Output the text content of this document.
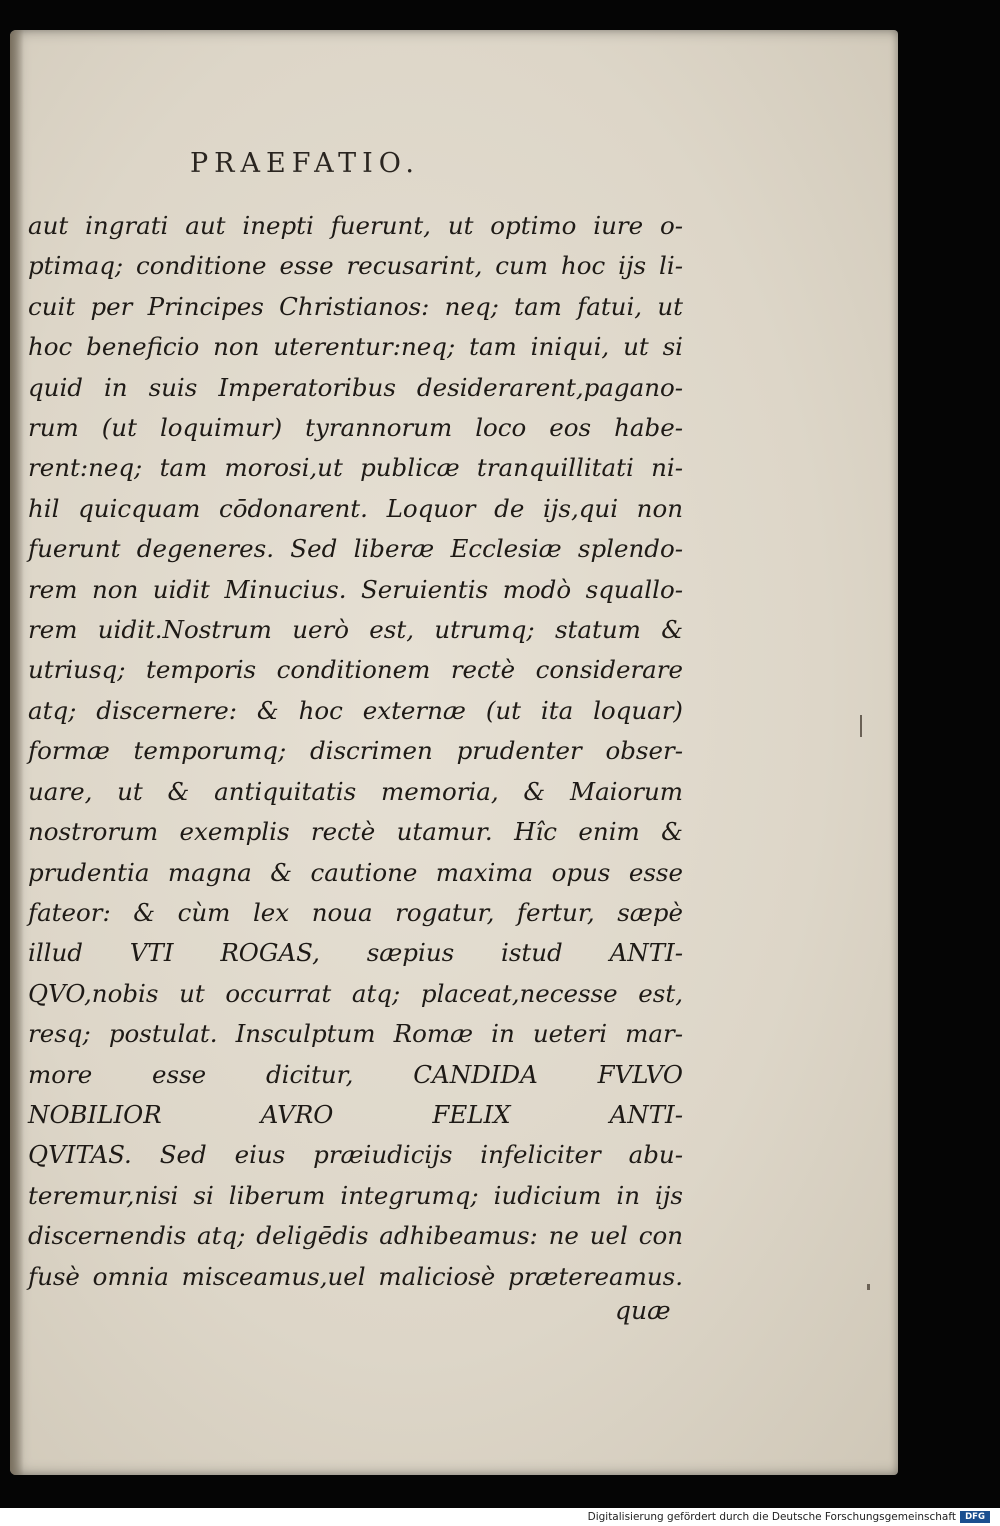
PRAEFATIO.
aut ingrati aut inepti fuerunt, ut optimo iure o-
ptimaq; conditione esse recusarint, cum hoc ijs li-
cuit per Principes Christianos: neq; tam fatui, ut
hoc beneficio non uterentur:neq; tam iniqui, ut si
quid in suis Imperatoribus desiderarent,pagano-
rum (ut loquimur) tyrannorum loco eos habe-
rent:neq; tam morosi,ut publicæ tranquillitati ni-
hil quicquam cōdonarent. Loquor de ijs,qui non
fuerunt degeneres. Sed liberæ Ecclesiæ splendo-
rem non uidit Minucius. Seruientis modò squallo-
rem uidit.Nostrum uerò est, utrumq; statum &
utriusq; temporis conditionem rectè considerare
atq; discernere: & hoc externæ (ut ita loquar)
formæ temporumq; discrimen prudenter obser-
uare, ut & antiquitatis memoria, & Maiorum
nostrorum exemplis rectè utamur. Hîc enim &
prudentia magna & cautione maxima opus esse
fateor: & cùm lex noua rogatur, fertur, sæpè
illud VTI ROGAS, sæpius istud ANTI-
QVO,nobis ut occurrat atq; placeat,necesse est,
resq; postulat. Insculptum Romæ in ueteri mar-
more esse dicitur, CANDIDA FVLVO
NOBILIOR AVRO FELIX ANTI-
QVITAS. Sed eius præiudicijs infeliciter abu-
teremur,nisi si liberum integrumq; iudicium in ijs
discernendis atq; deligēdis adhibeamus: ne uel con
fusè omnia misceamus,uel maliciosè prætereamus.
quæ
Digitalisierung gefördert durch die Deutsche Forschungsgemeinschaft	DFG
